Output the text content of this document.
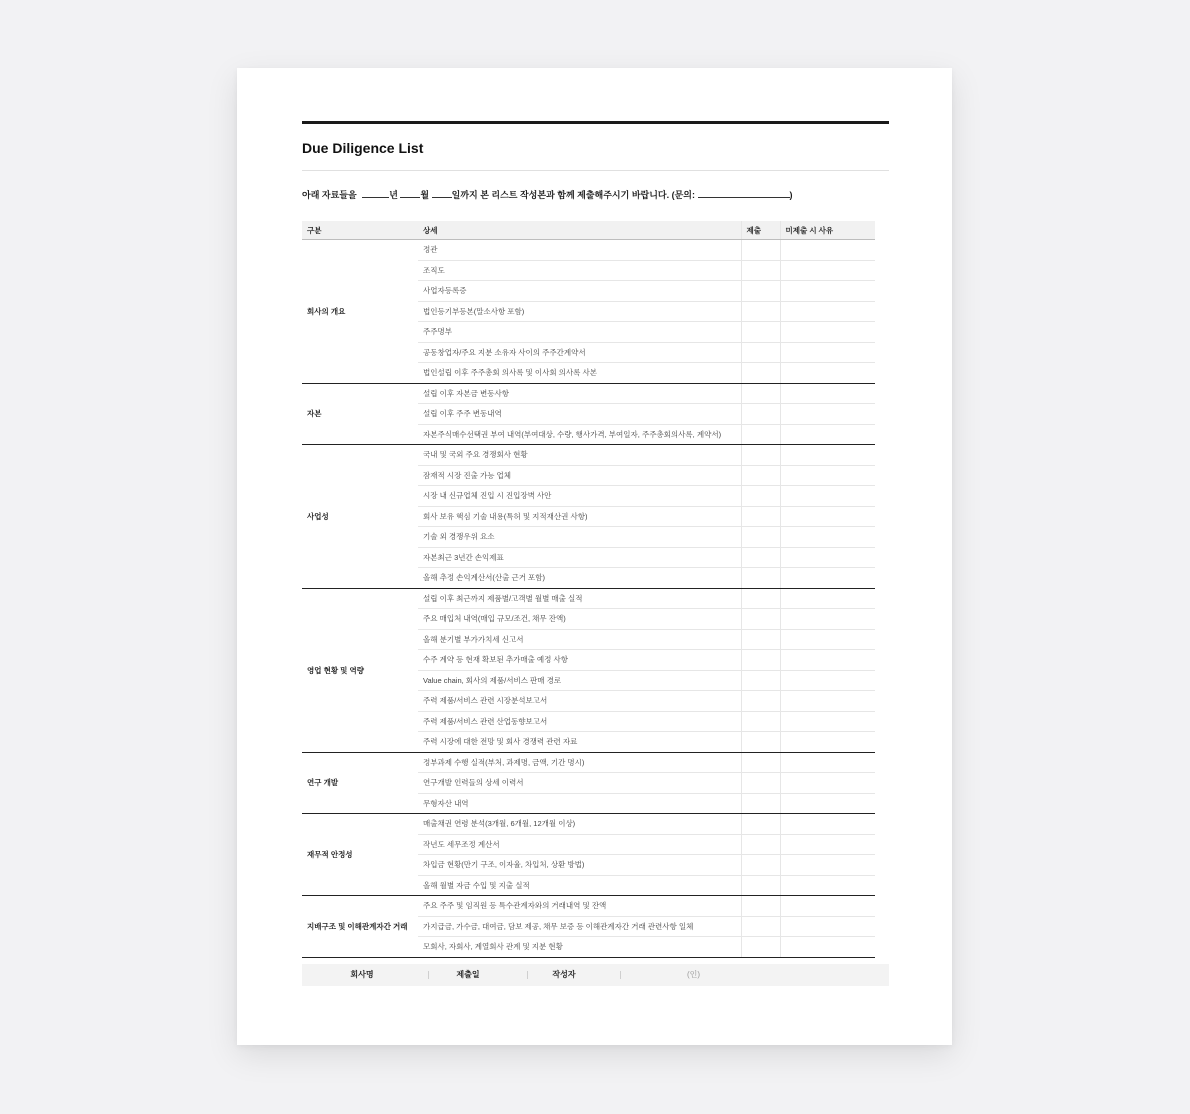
Due Diligence List
아래 자료들을	년	월	일까지 본 리스트 작성본과 함께 제출해주시기 바랍니다. (문의:	)
구분	상세	제출	미제출 시 사유
회사의 개요	정관		
	조직도		
	사업자등록증		
	법인등기부등본(말소사항 포함)		
	주주명부		
	공동창업자/주요 지분 소유자 사이의 주주간계약서		
	법인설립 이후 주주총회 의사록 및 이사회 의사록 사본		
자본	설립 이후 자본금 변동사항		
	설립 이후 주주 변동내역		
	자본주식매수선택권 부여 내역(부여대상, 수량, 행사가격, 부여일자, 주주총회의사록, 계약서)		
사업성	국내 및 국외 주요 경쟁회사 현황		
	잠재적 시장 진출 가능 업체		
	시장 내 신규업체 진입 시 진입장벽 사안		
	회사 보유 핵심 기술 내용(특허 및 지적재산권 사항)		
	기술 외 경쟁우위 요소		
	자본최근 3년간 손익제표		
	올해 추정 손익계산서(산출 근거 포함)		
영업 현황 및 역량	설립 이후 최근까지 제품별/고객별 월별 매출 실적		
	주요 매입처 내역(매입 규모/조건, 채무 잔액)		
	올해 분기별 부가가치세 신고서		
	수주 계약 등 현재 확보된 추가매출 예정 사항		
	Value chain, 회사의 제품/서비스 판매 경로		
	주력 제품/서비스 관련 시장분석보고서		
	주력 제품/서비스 관련 산업동향보고서		
	주력 시장에 대한 전망 및 회사 경쟁력 관련 자료		
연구 개발	정부과제 수행 실적(부처, 과제명, 금액, 기간 명시)		
	연구개발 인력들의 상세 이력서		
	무형자산 내역		
재무적 안정성	매출채권 연령 분석(3개월, 6개월, 12개월 이상)		
	작년도 세무조정 계산서		
	차입금 현황(만기 구조, 이자율, 차입처, 상환 방법)		
	올해 월별 자금 수입 및 지출 실적		
지배구조 및 이해관계자간 거래	주요 주주 및 임직원 등 특수관계자와의 거래내역 및 잔액		
	가지급금, 가수금, 대여금, 담보 제공, 채무 보증 등 이해관계자간 거래 관련사항 일체		
	모회사, 자회사, 계열회사 관계 및 지분 현황		
회사명	제출일	작성자	(인)
